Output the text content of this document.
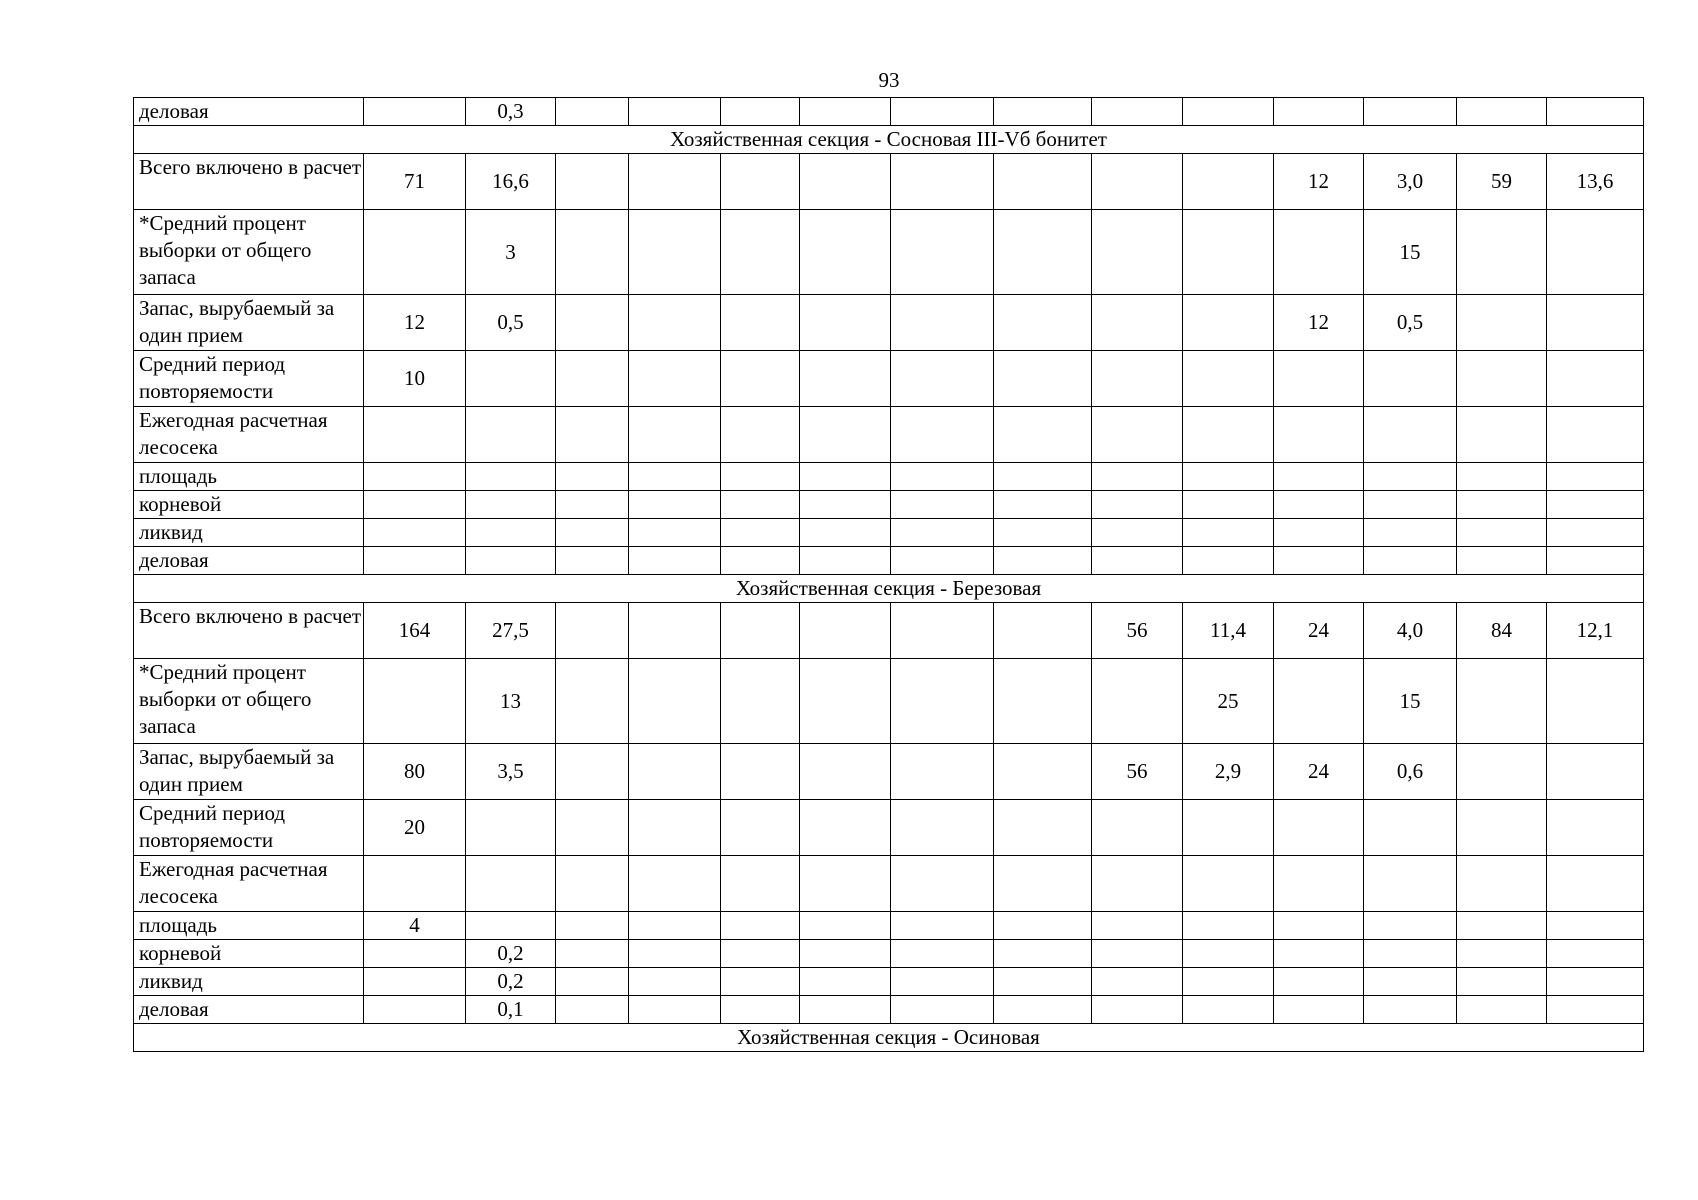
93
деловая		0,3												
Хозяйственная секция - Сосновая III-Vб бонитет														
Всего включено в расчет	71	16,6									12	3,0	59	13,6
*Средний процент выборки от общего запаса		3										15		
Запас, вырубаемый за один прием	12	0,5									12	0,5		
Средний период повторяемости	10													
Ежегодная расчетная лесосека														
площадь														
корневой														
ликвид														
деловая														
Хозяйственная секция - Березовая														
Всего включено в расчет	164	27,5							56	11,4	24	4,0	84	12,1
*Средний процент выборки от общего запаса		13								25		15		
Запас, вырубаемый за один прием	80	3,5							56	2,9	24	0,6		
Средний период повторяемости	20													
Ежегодная расчетная лесосека														
площадь	4													
корневой		0,2												
ликвид		0,2												
деловая		0,1												
Хозяйственная секция - Осиновая														
